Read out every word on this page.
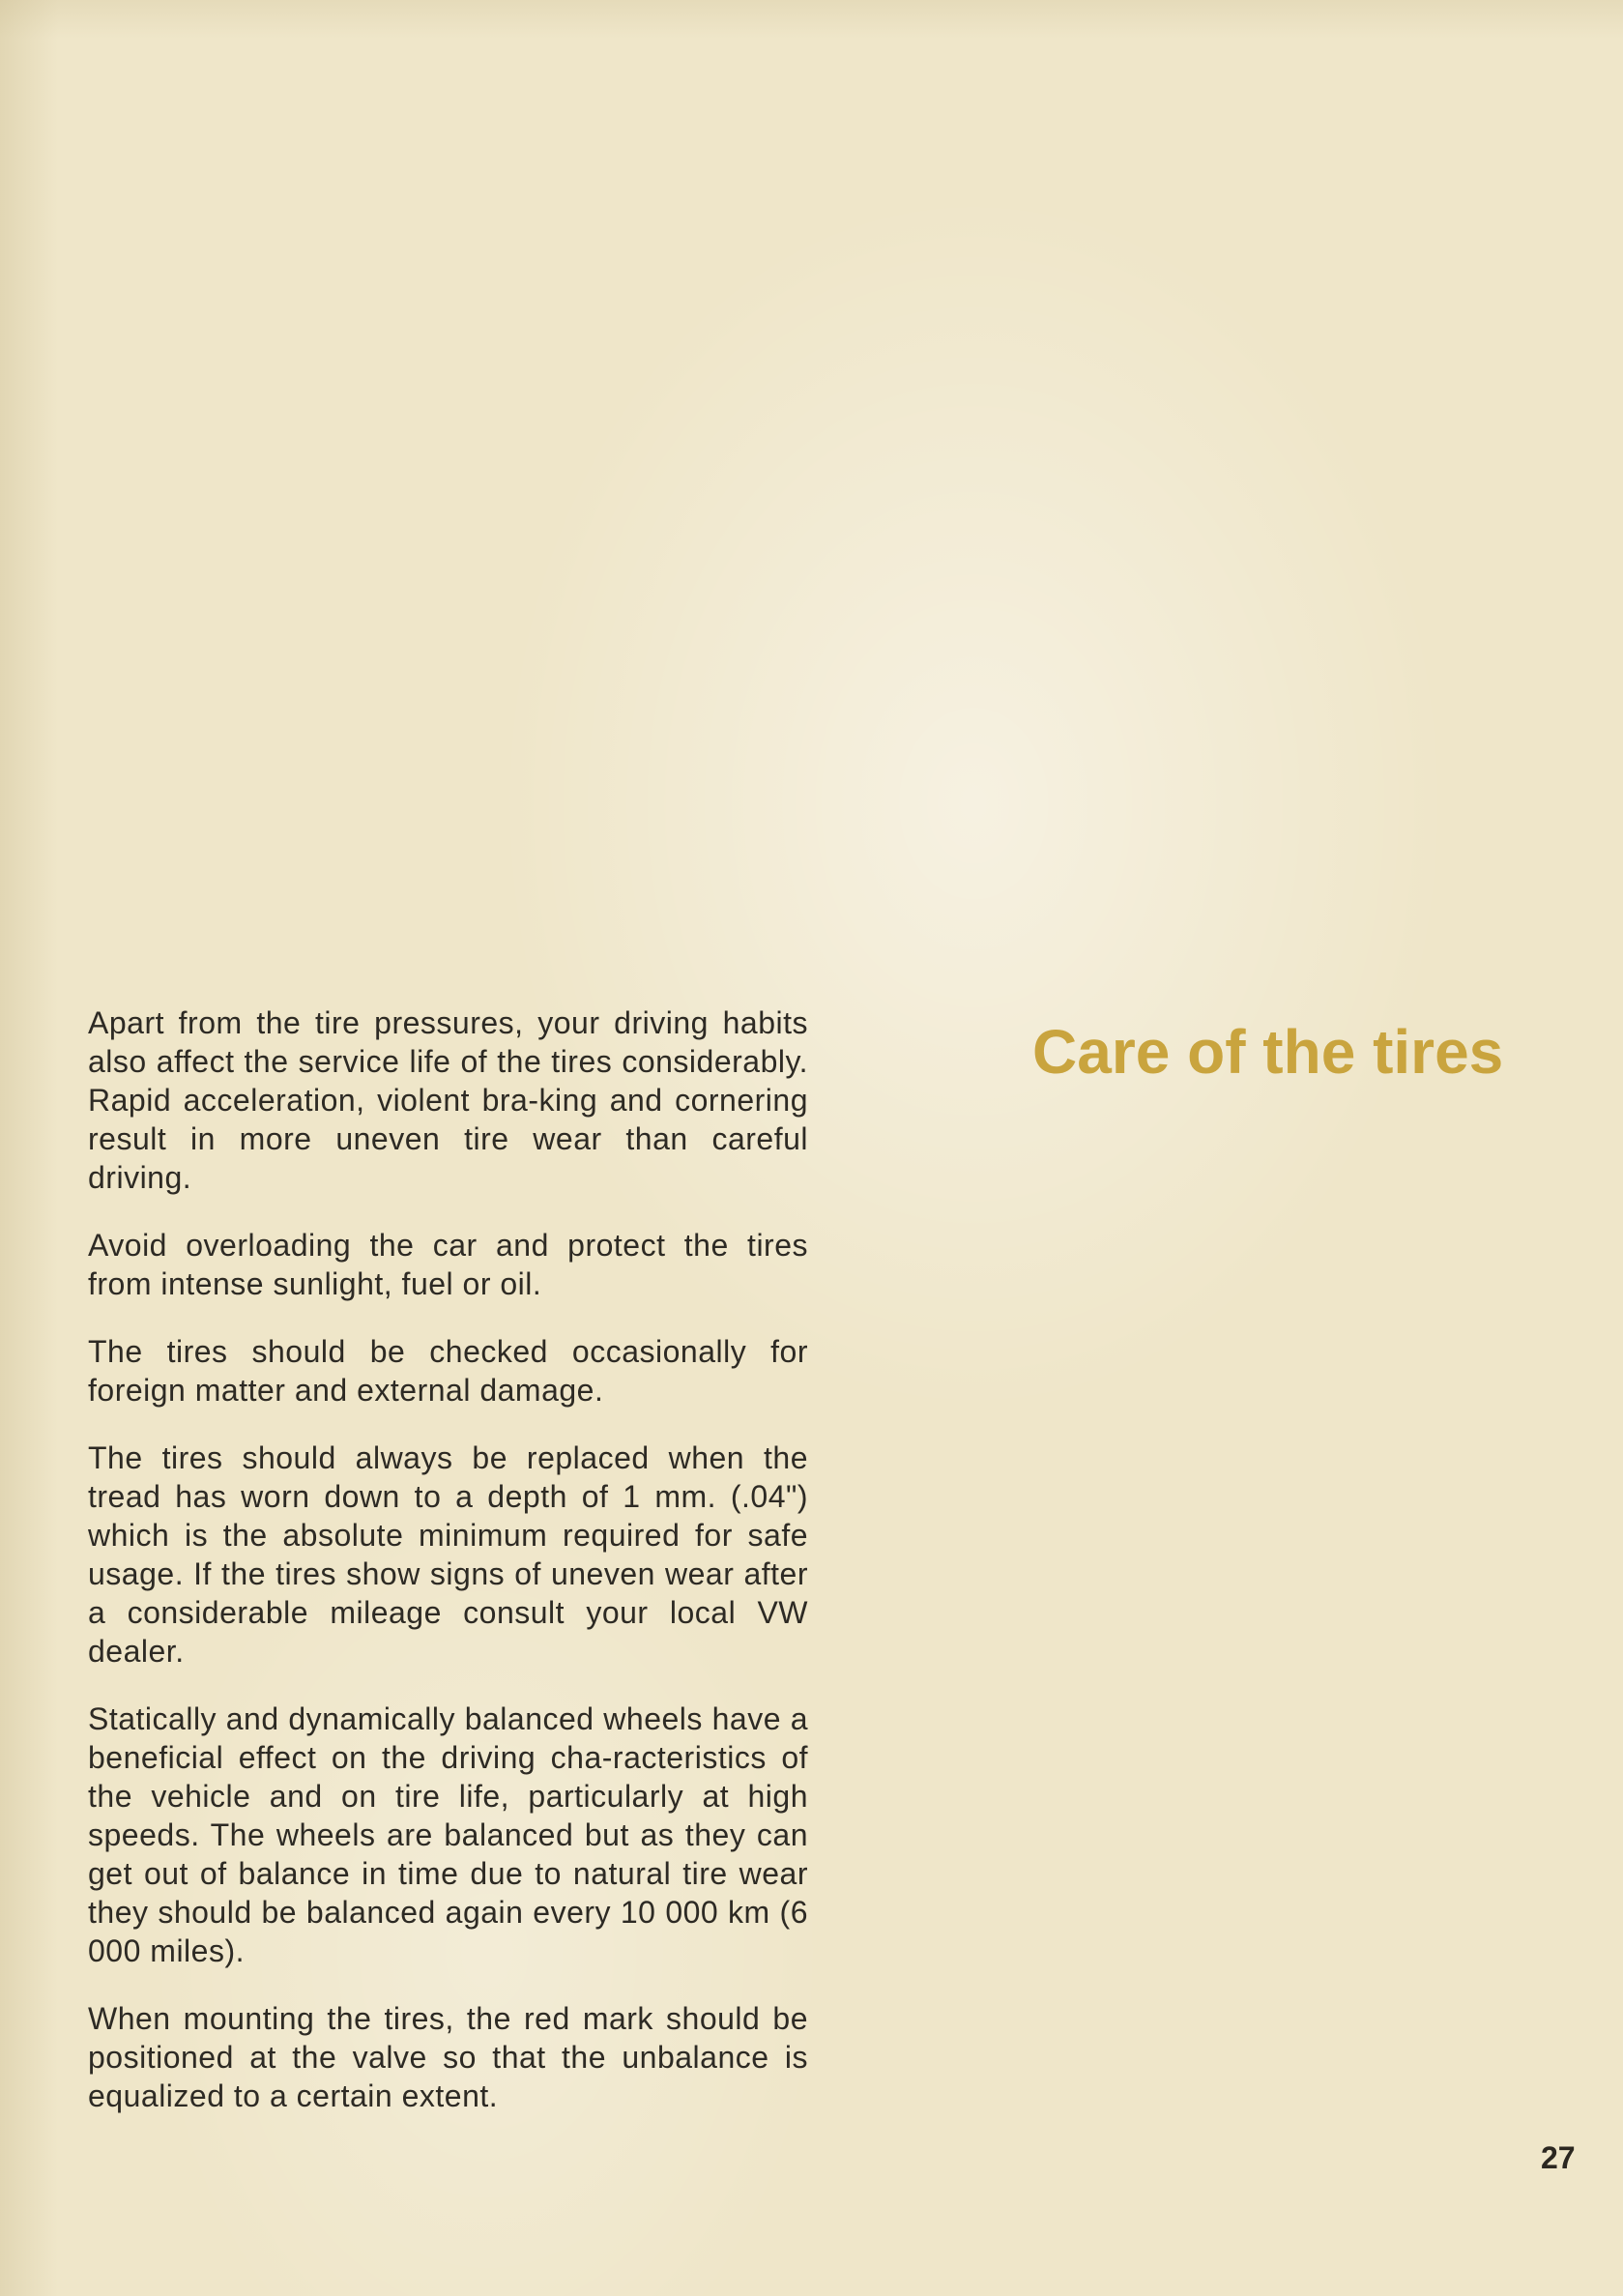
Apart from the tire pressures, your driving habits also affect the service life of the tires considerably. Rapid acceleration, violent bra-king and cornering result in more uneven tire wear than careful driving.

Avoid overloading the car and protect the tires from intense sunlight, fuel or oil.

The tires should be checked occasionally for foreign matter and external damage.

The tires should always be replaced when the tread has worn down to a depth of 1 mm. (.04") which is the absolute minimum required for safe usage. If the tires show signs of uneven wear after a considerable mileage consult your local VW dealer.

Statically and dynamically balanced wheels have a beneficial effect on the driving cha-racteristics of the vehicle and on tire life, particularly at high speeds. The wheels are balanced but as they can get out of balance in time due to natural tire wear they should be balanced again every 10 000 km (6 000 miles).

When mounting the tires, the red mark should be positioned at the valve so that the unbalance is equalized to a certain extent.

Care of the tires
27
